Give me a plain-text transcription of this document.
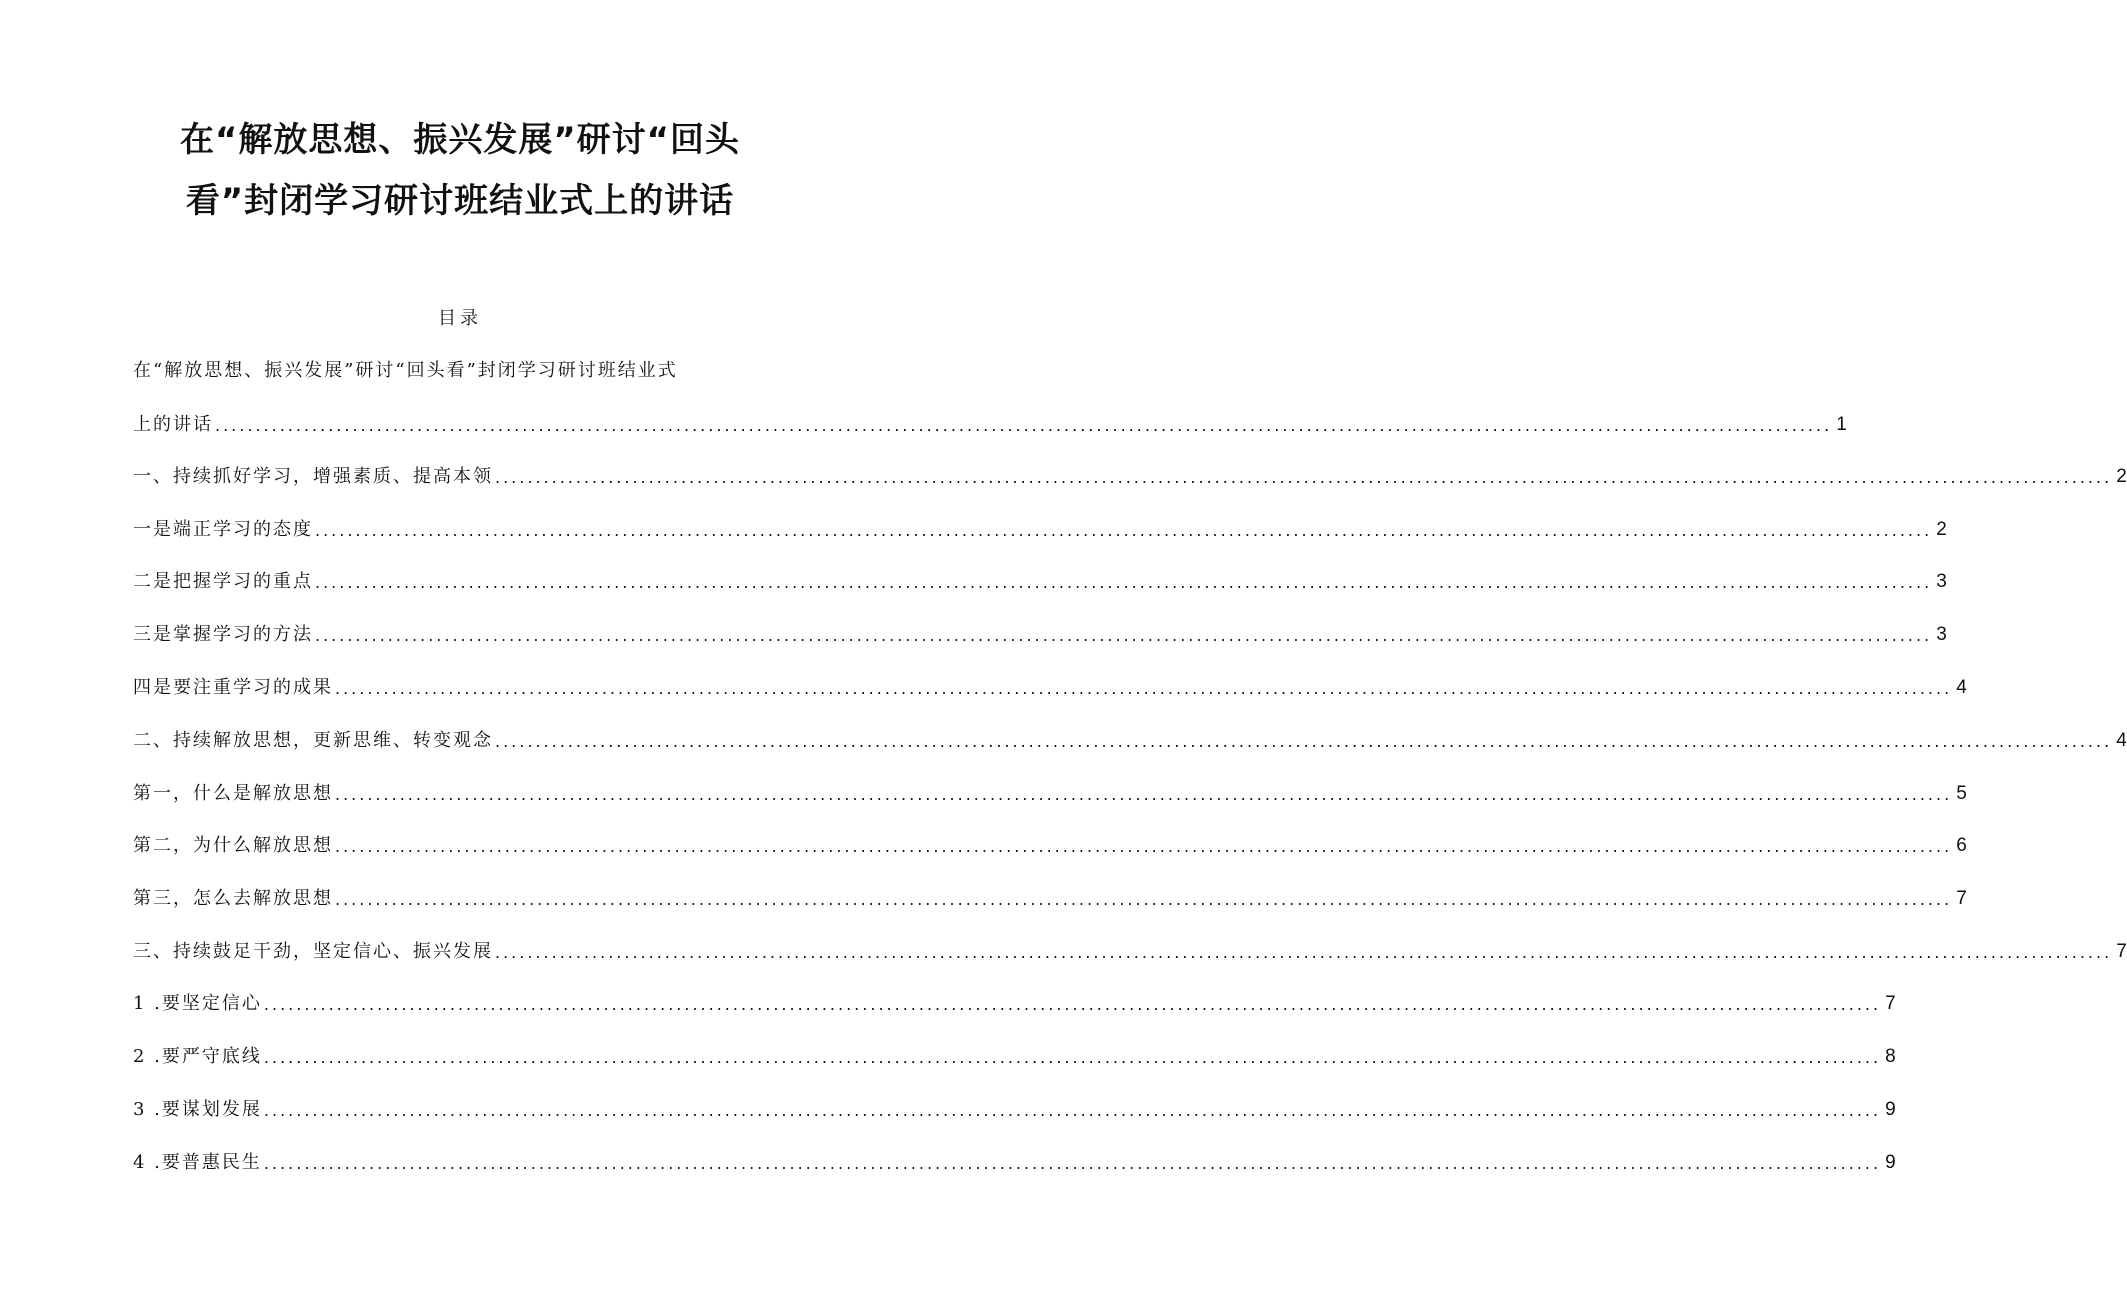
在“解放思想、振兴发展”研讨“回头
看”封闭学习研讨班结业式上的讲话
目录
在“解放思想、振兴发展”研讨“回头看”封闭学习研讨班结业式
上的讲话 ........................................................................................................................................................................................................ 1
一、持续抓好学习，增强素质、提高本领 ........................................................................................................................................................................................................ 2
一是端正学习的态度 ........................................................................................................................................................................................................ 2
二是把握学习的重点 ........................................................................................................................................................................................................ 3
三是掌握学习的方法 ........................................................................................................................................................................................................ 3
四是要注重学习的成果 ........................................................................................................................................................................................................ 4
二、持续解放思想，更新思维、转变观念 ........................................................................................................................................................................................................ 4
第一，什么是解放思想 ........................................................................................................................................................................................................ 5
第二，为什么解放思想 ........................................................................................................................................................................................................ 6
第三，怎么去解放思想 ........................................................................................................................................................................................................ 7
三、持续鼓足干劲，坚定信心、振兴发展 ........................................................................................................................................................................................................ 7
1 .要坚定信心 ........................................................................................................................................................................................................ 7
2 .要严守底线 ........................................................................................................................................................................................................ 8
3 .要谋划发展 ........................................................................................................................................................................................................ 9
4 .要普惠民生 ........................................................................................................................................................................................................ 9
